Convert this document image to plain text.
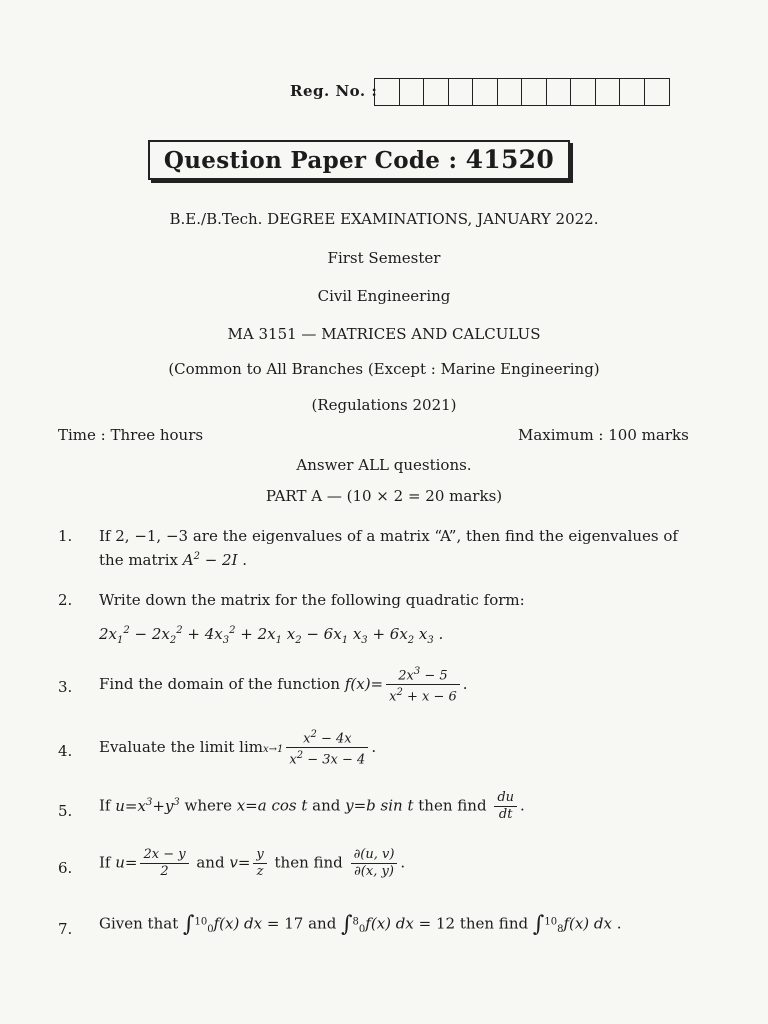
Reg. No. :
Question Paper Code : 41520
B.E./B.Tech. DEGREE EXAMINATIONS, JANUARY 2022.
First Semester
Civil Engineering
MA 3151 — MATRICES AND CALCULUS
(Common to All Branches (Except : Marine Engineering)
(Regulations 2021)
Time : Three hours	Maximum : 100 marks
Answer ALL questions.
PART A — (10 × 2 = 20 marks)
1. If 2, −1, −3 are the eigenvalues of a matrix “A”, then find the eigenvalues of
the matrix $A^2 - 2I$ .
2. Write down the matrix for the following quadratic form:
$2x_1^2 - 2x_2^2 + 4x_3^2 + 2x_1$ $x_2 - 6x_1$ $x_3 + 6x_2$ $x_3$ .
3. Find the domain of the function $f(x)= \frac{2x^3 - 5}{x^2 + x - 6}$ .
4. Evaluate the limit $\lim x\to 1 \frac{x^2 - 4x}{x^2 - 3x - 4}$ .
5. If $u=x^3+y^3$ where x=a cos t and y=b sin t then find $\frac{du}{dt}$ .
6. If $u= \frac{2x - y}{2}$ and $v= \frac{y}{z}$ then find $\frac{\partial(u, v)}{\partial(x, y)}$ .
7. Given that ∫$^{10}_0$f(x) dx = 17 and ∫$^8_0$f(x) dx = 12 then find ∫$^{10}_8$f(x) dx .
